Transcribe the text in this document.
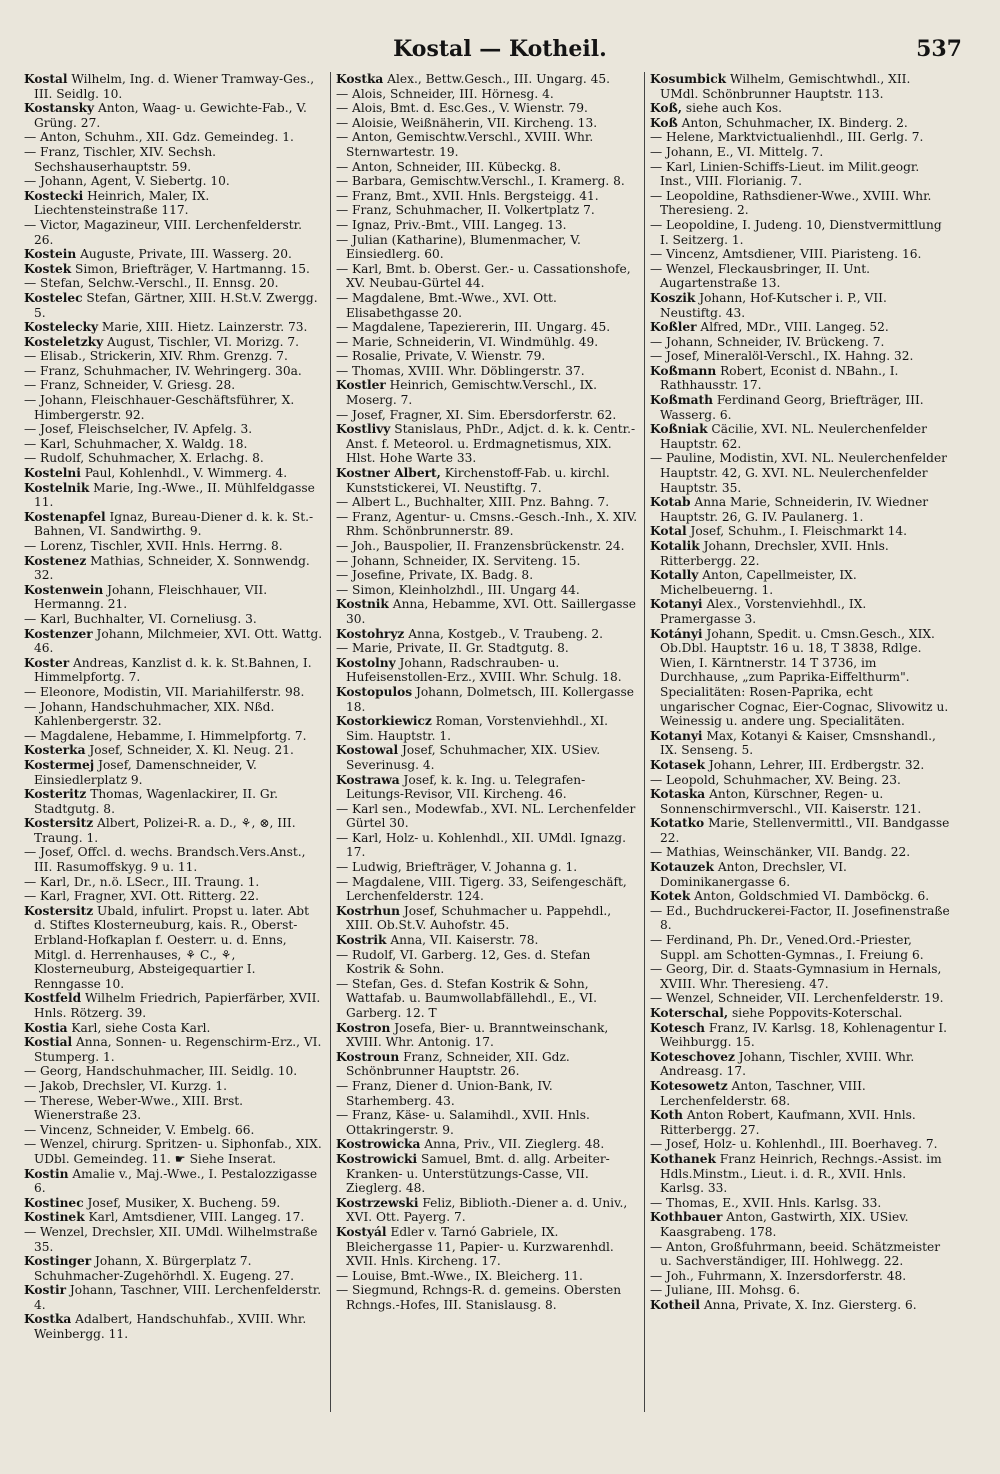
Kostal — Kotheil.	537

Kostal Wilhelm, Ing. d. Wiener Tramway-Ges., III. Seidlg. 10.

Kostansky Anton, Waag- u. Gewichte-Fab., V. Grüng. 27.

— Anton, Schuhm., XII. Gdz. Gemeindeg. 1.

— Franz, Tischler, XIV. Sechsh. Sechshauserhauptstr. 59.

— Johann, Agent, V. Siebertg. 10.

Kostecki Heinrich, Maler, IX. Liechtensteinstraße 117.

— Victor, Magazineur, VIII. Lerchenfelderstr. 26.

Kostein Auguste, Private, III. Wasserg. 20.

Kostek Simon, Briefträger, V. Hartmanng. 15.

— Stefan, Selchw.-Verschl., II. Ennsg. 20.

Kostelec Stefan, Gärtner, XIII. H.St.V. Zwergg. 5.

Kostelecky Marie, XIII. Hietz. Lainzerstr. 73.

Kosteletzky August, Tischler, VI. Morizg. 7.

— Elisab., Strickerin, XIV. Rhm. Grenzg. 7.

— Franz, Schuhmacher, IV. Wehringerg. 30a.

— Franz, Schneider, V. Griesg. 28.

— Johann, Fleischhauer-Geschäftsführer, X. Himbergerstr. 92.

— Josef, Fleischselcher, IV. Apfelg. 3.

— Karl, Schuhmacher, X. Waldg. 18.

— Rudolf, Schuhmacher, X. Erlachg. 8.

Kostelni Paul, Kohlenhdl., V. Wimmerg. 4.

Kostelnik Marie, Ing.-Wwe., II. Mühlfeldgasse 11.

Kostenapfel Ignaz, Bureau-Diener d. k. k. St.-Bahnen, VI. Sandwirthg. 9.

— Lorenz, Tischler, XVII. Hnls. Herrng. 8.

Kostenez Mathias, Schneider, X. Sonnwendg. 32.

Kostenwein Johann, Fleischhauer, VII. Hermanng. 21.

— Karl, Buchhalter, VI. Corneliusg. 3.

Kostenzer Johann, Milchmeier, XVI. Ott. Wattg. 46.

Koster Andreas, Kanzlist d. k. k. St.Bahnen, I. Himmelpfortg. 7.

— Eleonore, Modistin, VII. Mariahilferstr. 98.

— Johann, Handschuhmacher, XIX. Nßd. Kahlenbergerstr. 32.

— Magdalene, Hebamme, I. Himmelpfortg. 7.

Kosterka Josef, Schneider, X. Kl. Neug. 21.

Kostermej Josef, Damenschneider, V. Einsiedlerplatz 9.

Kosteritz Thomas, Wagenlackirer, II. Gr. Stadtgutg. 8.

Kostersitz Albert, Polizei-R. a. D., ⚘, ⊗, III. Traung. 1.

— Josef, Offcl. d. wechs. Brandsch.Vers.Anst., III. Rasumoffskyg. 9 u. 11.

— Karl, Dr., n.ö. LSecr., III. Traung. 1.

— Karl, Fragner, XVI. Ott. Ritterg. 22.

Kostersitz Ubald, infulirt. Propst u. later. Abt d. Stiftes Klosterneuburg, kais. R., Oberst-Erbland-Hofkaplan f. Oesterr. u. d. Enns, Mitgl. d. Herrenhauses, ⚘ C., ⚘, Klosterneuburg, Absteigequartier I. Renngasse 10.

Kostfeld Wilhelm Friedrich, Papierfärber, XVII. Hnls. Rötzerg. 39.

Kostia Karl, siehe Costa Karl.

Kostial Anna, Sonnen- u. Regenschirm-Erz., VI. Stumperg. 1.

— Georg, Handschuhmacher, III. Seidlg. 10.

— Jakob, Drechsler, VI. Kurzg. 1.

— Therese, Weber-Wwe., XIII. Brst. Wienerstraße 23.

— Vincenz, Schneider, V. Embelg. 66.

— Wenzel, chirurg. Spritzen- u. Siphonfab., XIX. UDbl. Gemeindeg. 11. ☛ Siehe Inserat.

Kostin Amalie v., Maj.-Wwe., I. Pestalozzigasse 6.

Kostinec Josef, Musiker, X. Bucheng. 59.

Kostinek Karl, Amtsdiener, VIII. Langeg. 17.

— Wenzel, Drechsler, XII. UMdl. Wilhelmstraße 35.

Kostinger Johann, X. Bürgerplatz 7. Schuhmacher-Zugehörhdl. X. Eugeng. 27.

Kostir Johann, Taschner, VIII. Lerchenfelderstr. 4.

Kostka Adalbert, Handschuhfab., XVIII. Whr. Weinbergg. 11.

Kostka Alex., Bettw.Gesch., III. Ungarg. 45.

— Alois, Schneider, III. Hörnesg. 4.

— Alois, Bmt. d. Esc.Ges., V. Wienstr. 79.

— Aloisie, Weißnäherin, VII. Kircheng. 13.

— Anton, Gemischtw.Verschl., XVIII. Whr. Sternwartestr. 19.

— Anton, Schneider, III. Kübeckg. 8.

— Barbara, Gemischtw.Verschl., I. Kramerg. 8.

— Franz, Bmt., XVII. Hnls. Bergsteigg. 41.

— Franz, Schuhmacher, II. Volkertplatz 7.

— Ignaz, Priv.-Bmt., VIII. Langeg. 13.

— Julian (Katharine), Blumenmacher, V. Einsiedlerg. 60.

— Karl, Bmt. b. Oberst. Ger.- u. Cassationshofe, XV. Neubau-Gürtel 44.

— Magdalene, Bmt.-Wwe., XVI. Ott. Elisabethgasse 20.

— Magdalene, Tapeziererin, III. Ungarg. 45.

— Marie, Schneiderin, VI. Windmühlg. 49.

— Rosalie, Private, V. Wienstr. 79.

— Thomas, XVIII. Whr. Döblingerstr. 37.

Kostler Heinrich, Gemischtw.Verschl., IX. Moserg. 7.

— Josef, Fragner, XI. Sim. Ebersdorferstr. 62.

Kostlivy Stanislaus, PhDr., Adjct. d. k. k. Centr.-Anst. f. Meteorol. u. Erdmagnetismus, XIX. Hlst. Hohe Warte 33.

Kostner Albert, Kirchenstoff-Fab. u. kirchl. Kunststickerei, VI. Neustiftg. 7.

— Albert L., Buchhalter, XIII. Pnz. Bahng. 7.

— Franz, Agentur- u. Cmsns.-Gesch.-Inh., X. XIV. Rhm. Schönbrunnerstr. 89.

— Joh., Bauspolier, II. Franzensbrückenstr. 24.

— Johann, Schneider, IX. Serviteng. 15.

— Josefine, Private, IX. Badg. 8.

— Simon, Kleinholzhdl., III. Ungarg 44.

Kostnik Anna, Hebamme, XVI. Ott. Saillergasse 30.

Kostohryz Anna, Kostgeb., V. Traubeng. 2.

— Marie, Private, II. Gr. Stadtgutg. 8.

Kostolny Johann, Radschrauben- u. Hufeisenstollen-Erz., XVIII. Whr. Schulg. 18.

Kostopulos Johann, Dolmetsch, III. Kollergasse 18.

Kostorkiewicz Roman, Vorstenviehhdl., XI. Sim. Hauptstr. 1.

Kostowal Josef, Schuhmacher, XIX. USiev. Severinusg. 4.

Kostrawa Josef, k. k. Ing. u. Telegrafen-Leitungs-Revisor, VII. Kircheng. 46.

— Karl sen., Modewfab., XVI. NL. Lerchenfelder Gürtel 30.

— Karl, Holz- u. Kohlenhdl., XII. UMdl. Ignazg. 17.

— Ludwig, Briefträger, V. Johanna g. 1.

— Magdalene, VIII. Tigerg. 33, Seifengeschäft, Lerchenfelderstr. 124.

Kostrhun Josef, Schuhmacher u. Pappehdl., XIII. Ob.St.V. Auhofstr. 45.

Kostrik Anna, VII. Kaiserstr. 78.

— Rudolf, VI. Garberg. 12, Ges. d. Stefan Kostrik & Sohn.

— Stefan, Ges. d. Stefan Kostrik & Sohn, Wattafab. u. Baumwollabfällehdl., E., VI. Garberg. 12. T

Kostron Josefa, Bier- u. Branntweinschank, XVIII. Whr. Antonig. 17.

Kostroun Franz, Schneider, XII. Gdz. Schönbrunner Hauptstr. 26.

— Franz, Diener d. Union-Bank, IV. Starhemberg. 43.

— Franz, Käse- u. Salamihdl., XVII. Hnls. Ottakringerstr. 9.

Kostrowicka Anna, Priv., VII. Zieglerg. 48.

Kostrowicki Samuel, Bmt. d. allg. Arbeiter-Kranken- u. Unterstützungs-Casse, VII. Zieglerg. 48.

Kostrzewski Feliz, Biblioth.-Diener a. d. Univ., XVI. Ott. Payerg. 7.

Kostyál Edler v. Tarnó Gabriele, IX. Bleichergasse 11, Papier- u. Kurzwarenhdl. XVII. Hnls. Kircheng. 17.

— Louise, Bmt.-Wwe., IX. Bleicherg. 11.

— Siegmund, Rchngs-R. d. gemeins. Obersten Rchngs.-Hofes, III. Stanislausg. 8.

Kosumbick Wilhelm, Gemischtwhdl., XII. UMdl. Schönbrunner Hauptstr. 113.

Koß, siehe auch Kos.

Koß Anton, Schuhmacher, IX. Binderg. 2.

— Helene, Marktvictualienhdl., III. Gerlg. 7.

— Johann, E., VI. Mittelg. 7.

— Karl, Linien-Schiffs-Lieut. im Milit.geogr. Inst., VIII. Florianig. 7.

— Leopoldine, Rathsdiener-Wwe., XVIII. Whr. Theresieng. 2.

— Leopoldine, I. Judeng. 10, Dienstvermittlung I. Seitzerg. 1.

— Vincenz, Amtsdiener, VIII. Piaristeng. 16.

— Wenzel, Fleckausbringer, II. Unt. Augartenstraße 13.

Koszik Johann, Hof-Kutscher i. P., VII. Neustiftg. 43.

Koßler Alfred, MDr., VIII. Langeg. 52.

— Johann, Schneider, IV. Brückeng. 7.

— Josef, Mineralöl-Verschl., IX. Hahng. 32.

Koßmann Robert, Econist d. NBahn., I. Rathhausstr. 17.

Koßmath Ferdinand Georg, Briefträger, III. Wasserg. 6.

Koßniak Cäcilie, XVI. NL. Neulerchenfelder Hauptstr. 62.

— Pauline, Modistin, XVI. NL. Neulerchenfelder Hauptstr. 42, G. XVI. NL. Neulerchenfelder Hauptstr. 35.

Kotab Anna Marie, Schneiderin, IV. Wiedner Hauptstr. 26, G. IV. Paulanerg. 1.

Kotal Josef, Schuhm., I. Fleischmarkt 14.

Kotalik Johann, Drechsler, XVII. Hnls. Ritterbergg. 22.

Kotally Anton, Capellmeister, IX. Michelbeuerng. 1.

Kotanyi Alex., Vorstenviehhdl., IX. Pramergasse 3.

Kotányi Johann, Spedit. u. Cmsn.Gesch., XIX. Ob.Dbl. Hauptstr. 16 u. 18, T 3838, Rdlge. Wien, I. Kärntnerstr. 14 T 3736, im Durchhause, „zum Paprika-Eiffelthurm". Specialitäten: Rosen-Paprika, echt ungarischer Cognac, Eier-Cognac, Slivowitz u. Weinessig u. andere ung. Specialitäten.

Kotanyi Max, Kotanyi & Kaiser, Cmsnshandl., IX. Senseng. 5.

Kotasek Johann, Lehrer, III. Erdbergstr. 32.

— Leopold, Schuhmacher, XV. Being. 23.

Kotaska Anton, Kürschner, Regen- u. Sonnenschirmverschl., VII. Kaiserstr. 121.

Kotatko Marie, Stellenvermittl., VII. Bandgasse 22.

— Mathias, Weinschänker, VII. Bandg. 22.

Kotauzek Anton, Drechsler, VI. Dominikanergasse 6.

Kotek Anton, Goldschmied VI. Damböckg. 6.

— Ed., Buchdruckerei-Factor, II. Josefinenstraße 8.

— Ferdinand, Ph. Dr., Vened.Ord.-Priester, Suppl. am Schotten-Gymnas., I. Freiung 6.

— Georg, Dir. d. Staats-Gymnasium in Hernals, XVIII. Whr. Theresieng. 47.

— Wenzel, Schneider, VII. Lerchenfelderstr. 19.

Koterschal, siehe Poppovits-Koterschal.

Kotesch Franz, IV. Karlsg. 18, Kohlenagentur I. Weihburgg. 15.

Koteschovez Johann, Tischler, XVIII. Whr. Andreasg. 17.

Kotesowetz Anton, Taschner, VIII. Lerchenfelderstr. 68.

Koth Anton Robert, Kaufmann, XVII. Hnls. Ritterbergg. 27.

— Josef, Holz- u. Kohlenhdl., III. Boerhaveg. 7.

Kothanek Franz Heinrich, Rechngs.-Assist. im Hdls.Minstm., Lieut. i. d. R., XVII. Hnls. Karlsg. 33.

— Thomas, E., XVII. Hnls. Karlsg. 33.

Kothbauer Anton, Gastwirth, XIX. USiev. Kaasgrabeng. 178.

— Anton, Großfuhrmann, beeid. Schätzmeister u. Sachverständiger, III. Hohlwegg. 22.

— Joh., Fuhrmann, X. Inzersdorferstr. 48.

— Juliane, III. Mohsg. 6.

Kotheil Anna, Private, X. Inz. Giersterg. 6.
